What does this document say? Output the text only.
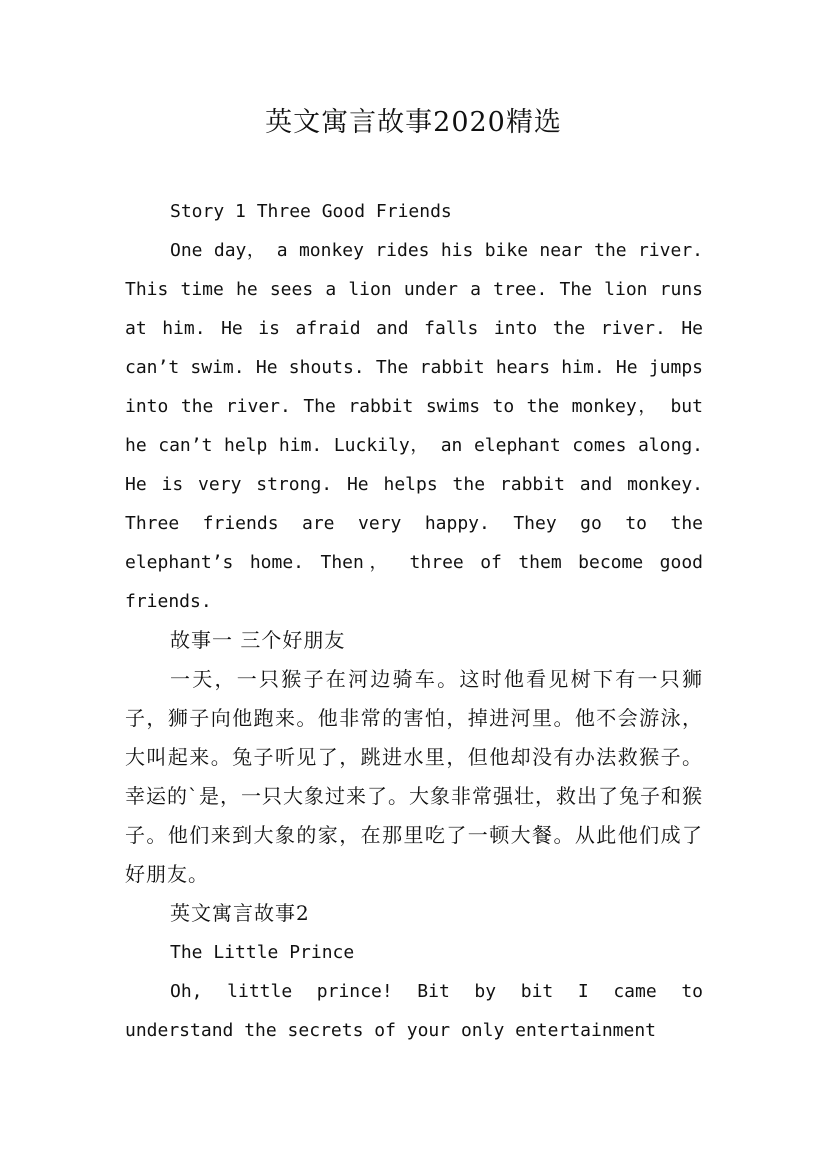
英文寓言故事2020精选

Story 1 Three Good Friends

One day， a monkey rides his bike near the river. This time he sees a lion under a tree. The lion runs at him. He is afraid and falls into the river. He can’t swim. He shouts. The rabbit hears him. He jumps into the river. The rabbit swims to the monkey， but he can’t help him. Luckily， an elephant comes along. He is very strong. He helps the rabbit and monkey. Three friends are very happy. They go to the elephant’s home. Then， three of them become good friends.

故事一 三个好朋友

一天，一只猴子在河边骑车。这时他看见树下有一只狮子，狮子向他跑来。他非常的害怕，掉进河里。他不会游泳，大叫起来。兔子听见了，跳进水里，但他却没有办法救猴子。幸运的`是，一只大象过来了。大象非常强壮，救出了兔子和猴子。他们来到大象的家，在那里吃了一顿大餐。从此他们成了好朋友。

英文寓言故事2

The Little Prince

Oh, little prince! Bit by bit I came to understand the secrets of your only entertainment
